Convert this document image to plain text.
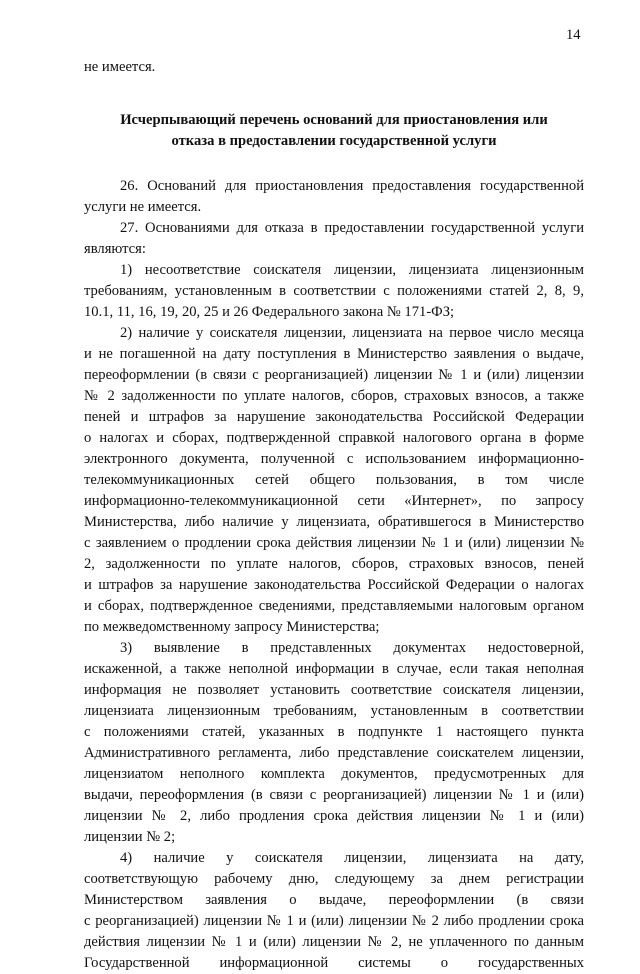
14
не имеется.
Исчерпывающий перечень оснований для приостановления или
отказа в предоставлении государственной услуги
26. Оснований для приостановления предоставления государственной
услуги не имеется.
27. Основаниями для отказа в предоставлении государственной услуги
являются:
1) несоответствие соискателя лицензии, лицензиата лицензионным
требованиям, установленным в соответствии с положениями статей 2, 8, 9,
10.1, 11, 16, 19, 20, 25 и 26 Федерального закона № 171-ФЗ;
2) наличие у соискателя лицензии, лицензиата на первое число месяца
и не погашенной на дату поступления в Министерство заявления о выдаче,
переоформлении (в связи с реорганизацией) лицензии № 1 и (или) лицензии
№ 2 задолженности по уплате налогов, сборов, страховых взносов, а также
пеней и штрафов за нарушение законодательства Российской Федерации
о налогах и сборах, подтвержденной справкой налогового органа в форме
электронного документа, полученной с использованием информационно-
телекоммуникационных сетей общего пользования, в том числе
информационно-телекоммуникационной сети «Интернет», по запросу
Министерства, либо наличие у лицензиата, обратившегося в Министерство
с заявлением о продлении срока действия лицензии № 1 и (или) лицензии №
2, задолженности по уплате налогов, сборов, страховых взносов, пеней
и штрафов за нарушение законодательства Российской Федерации о налогах
и сборах, подтвержденное сведениями, представляемыми налоговым органом
по межведомственному запросу Министерства;
3) выявление в представленных документах недостоверной,
искаженной, а также неполной информации в случае, если такая неполная
информация не позволяет установить соответствие соискателя лицензии,
лицензиата лицензионным требованиям, установленным в соответствии
с положениями статей, указанных в подпункте 1 настоящего пункта
Административного регламента, либо представление соискателем лицензии,
лицензиатом неполного комплекта документов, предусмотренных для
выдачи, переоформления (в связи с реорганизацией) лицензии № 1 и (или)
лицензии № 2, либо продления срока действия лицензии № 1 и (или)
лицензии № 2;
4) наличие у соискателя лицензии, лицензиата на дату,
соответствующую рабочему дню, следующему за днем регистрации
Министерством заявления о выдаче, переоформлении (в связи
с реорганизацией) лицензии № 1 и (или) лицензии № 2 либо продлении срока
действия лицензии № 1 и (или) лицензии № 2, не уплаченного по данным
Государственной информационной системы о государственных
